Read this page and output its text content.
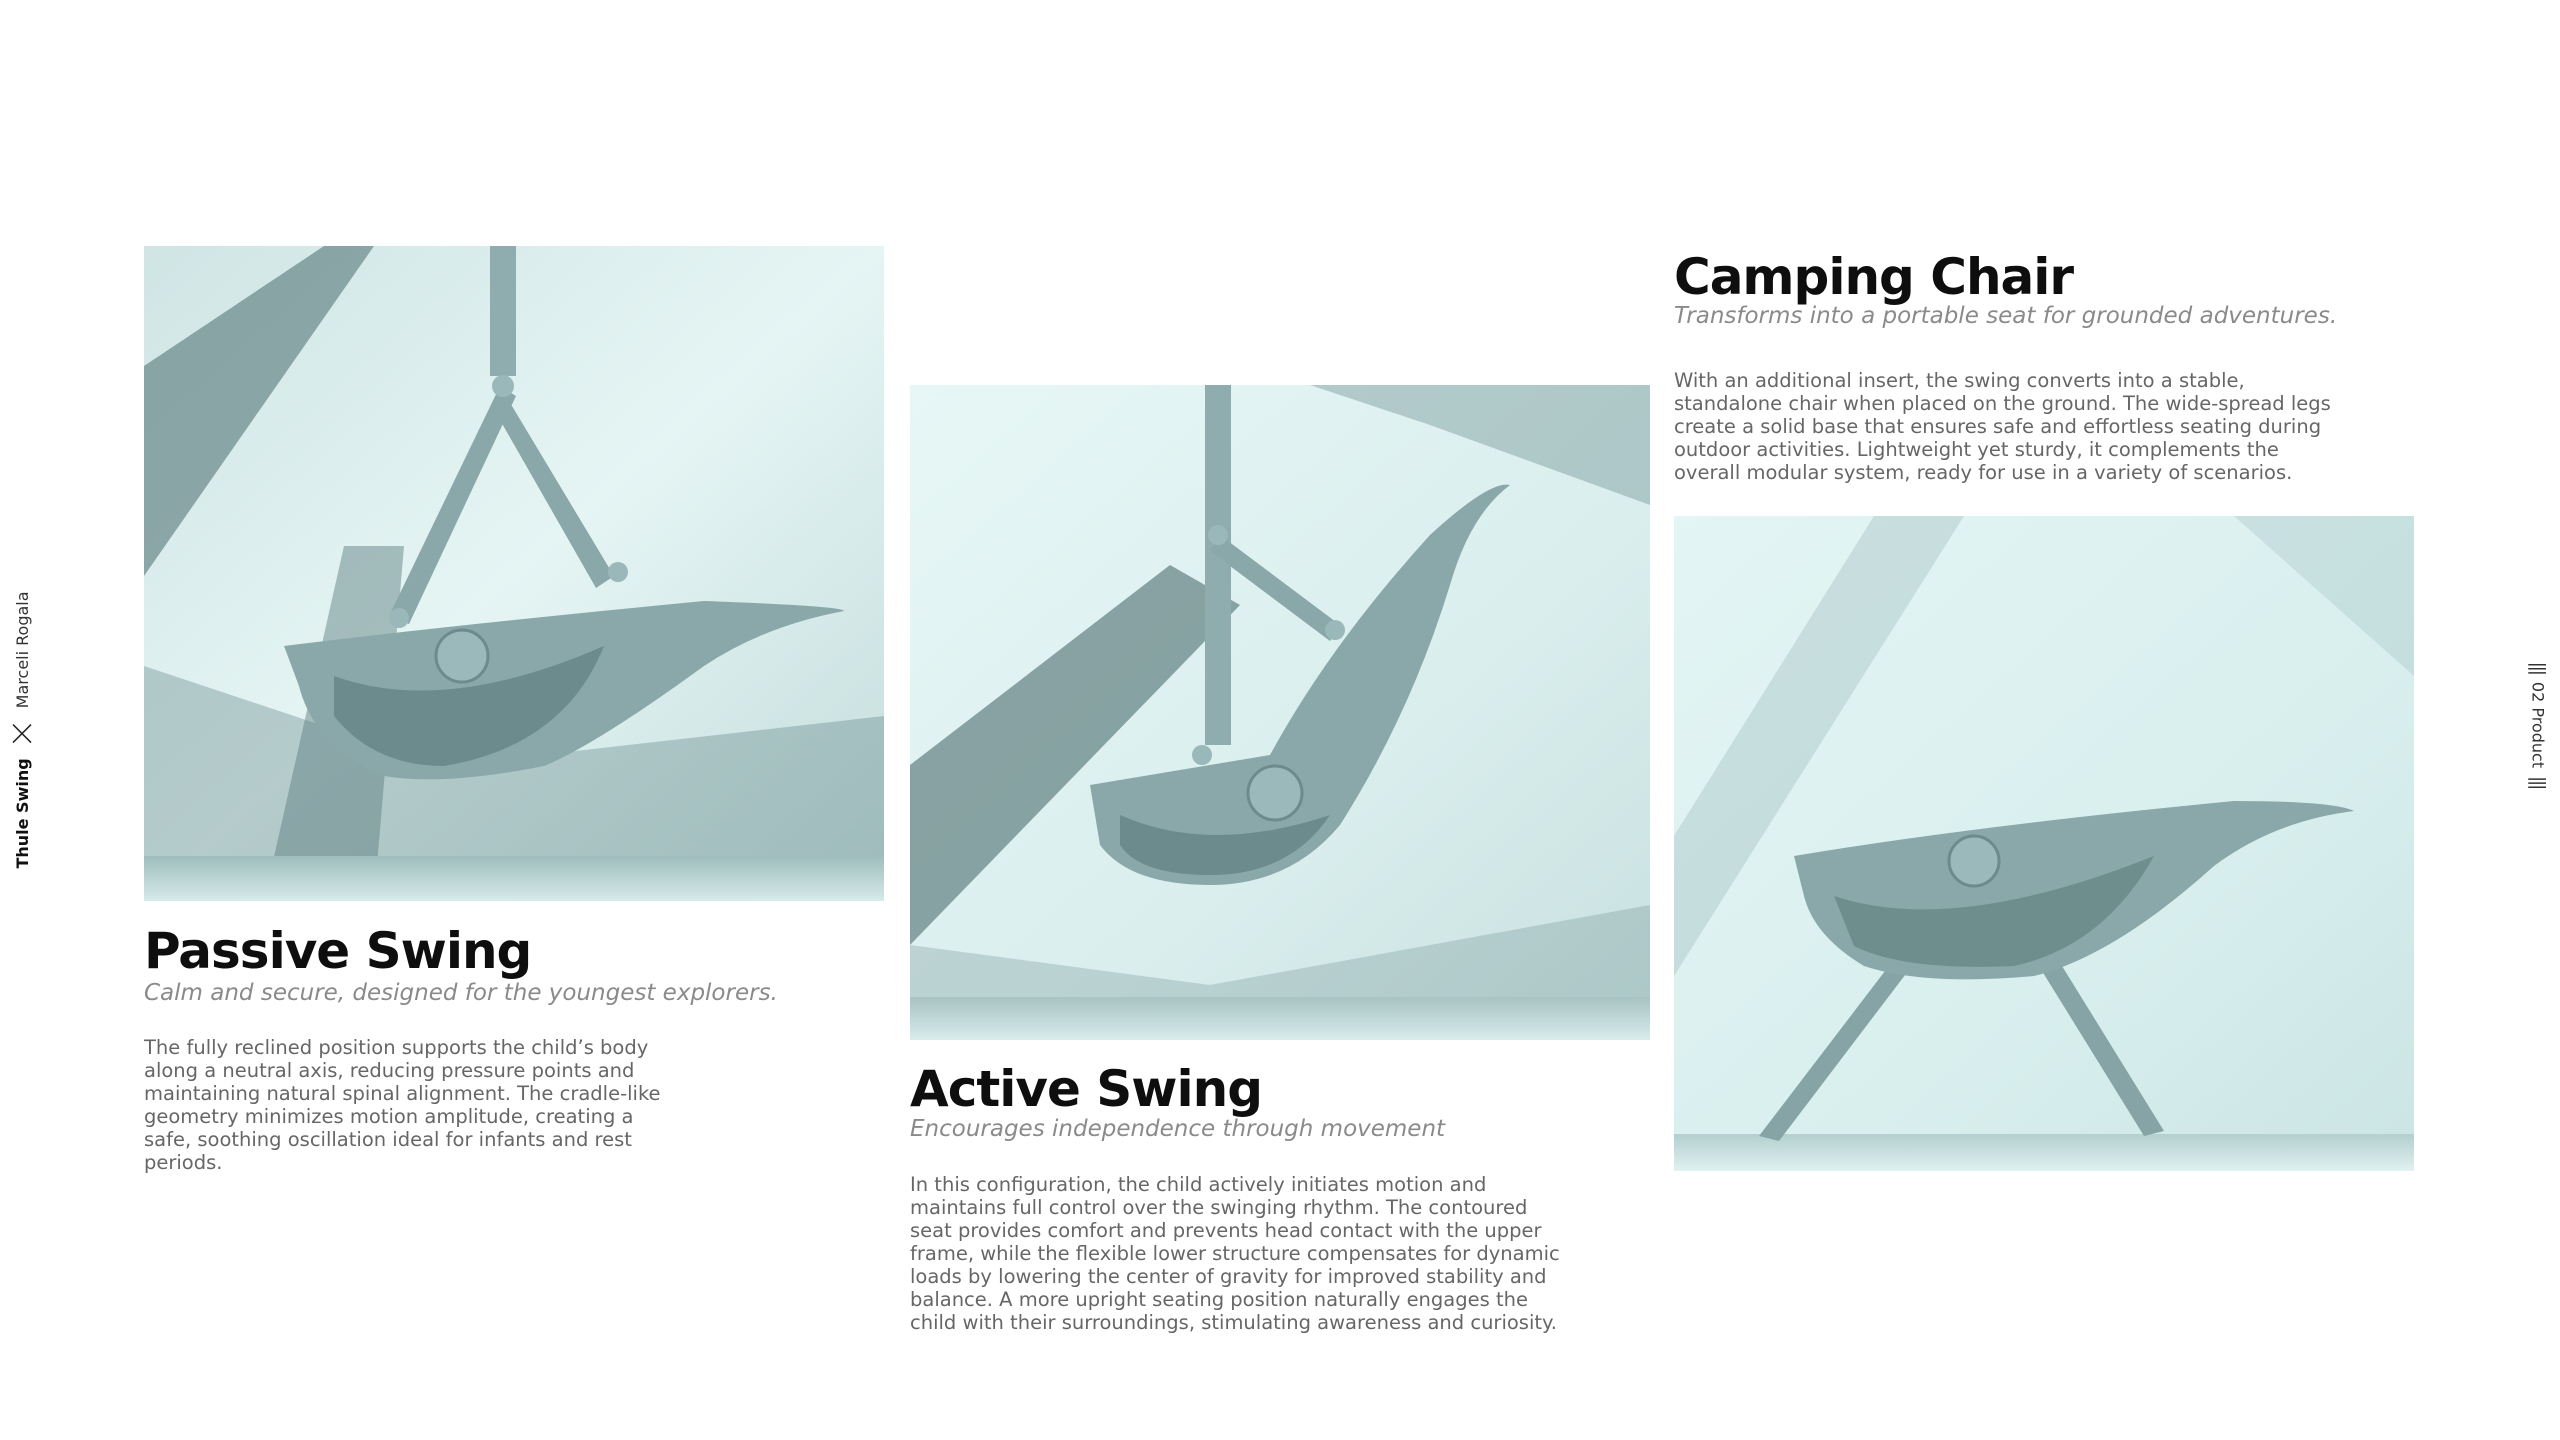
Thule Swing
Marceli Rogala	|||
02 Product
|||
Passive Swing
Calm and secure, designed for the youngest explorers.
The fully reclined position supports the child’s body along a neutral axis, reducing pressure points and maintaining natural spinal alignment. The cradle-like geometry minimizes motion amplitude, creating a safe, soothing oscillation ideal for infants and rest periods.
Active Swing
Encourages independence through movement
In this configuration, the child actively initiates motion and maintains full control over the swinging rhythm. The contoured seat provides comfort and prevents head contact with the upper frame, while the flexible lower structure compensates for dynamic loads by lowering the center of gravity for improved stability and balance. A more upright seating position naturally engages the child with their surroundings, stimulating awareness and curiosity.
Camping Chair
Transforms into a portable seat for grounded adventures.
With an additional insert, the swing converts into a stable, standalone chair when placed on the ground. The wide-spread legs create a solid base that ensures safe and effortless seating during outdoor activities. Lightweight yet sturdy, it complements the overall modular system, ready for use in a variety of scenarios.
